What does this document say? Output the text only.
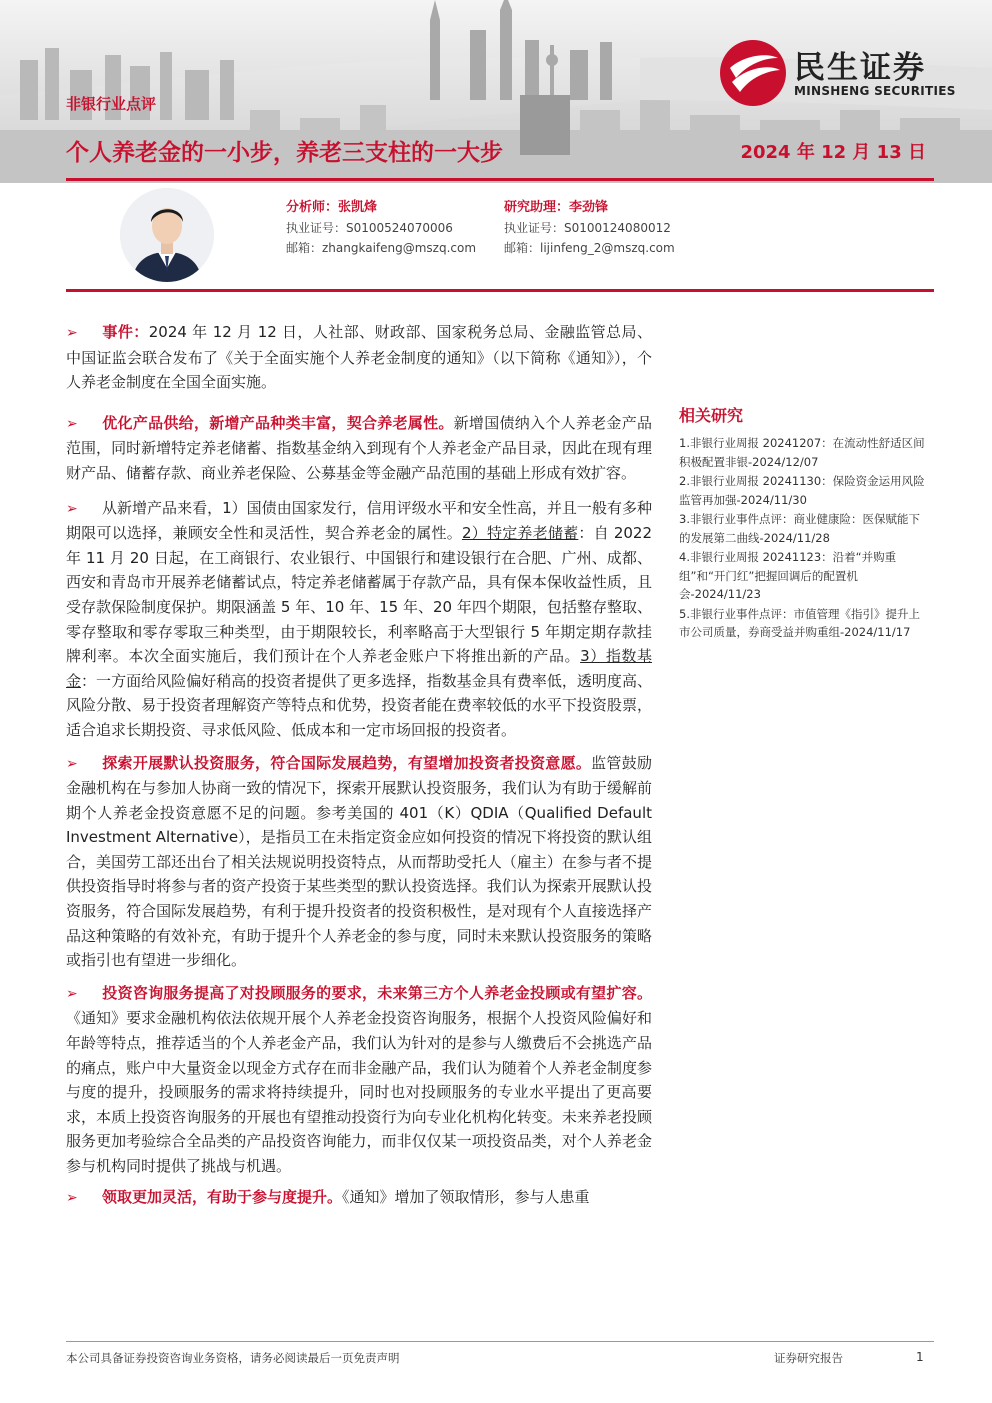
民生证券
MINSHENG SECURITIES
非银行业点评
个人养老金的一小步，养老三支柱的一大步	2024 年 12 月 13 日
分析师：张凯烽
执业证号：S0100524070006
邮箱：zhangkaifeng@mszq.com
研究助理：李劲锋
执业证号：S0100124080012
邮箱：lijinfeng_2@mszq.com
➢ 事件：2024 年 12 月 12 日，人社部、财政部、国家税务总局、金融监管总局、中国证监会联合发布了《关于全面实施个人养老金制度的通知》（以下简称《通知》），个人养老金制度在全国全面实施。
➢ 优化产品供给，新增产品种类丰富，契合养老属性。新增国债纳入个人养老金产品范围，同时新增特定养老储蓄、指数基金纳入到现有个人养老金产品目录，因此在现有理财产品、储蓄存款、商业养老保险、公募基金等金融产品范围的基础上形成有效扩容。
➢ 从新增产品来看，1）国债由国家发行，信用评级水平和安全性高，并且一般有多种期限可以选择，兼顾安全性和灵活性，契合养老金的属性。2）特定养老储蓄：自 2022 年 11 月 20 日起，在工商银行、农业银行、中国银行和建设银行在合肥、广州、成都、西安和青岛市开展养老储蓄试点，特定养老储蓄属于存款产品，具有保本保收益性质，且受存款保险制度保护。期限涵盖 5 年、10 年、15 年、20 年四个期限，包括整存整取、零存整取和零存零取三种类型，由于期限较长，利率略高于大型银行 5 年期定期存款挂牌利率。本次全面实施后，我们预计在个人养老金账户下将推出新的产品。3）指数基金：一方面给风险偏好稍高的投资者提供了更多选择，指数基金具有费率低，透明度高、风险分散、易于投资者理解资产等特点和优势，投资者能在费率较低的水平下投资股票，适合追求长期投资、寻求低风险、低成本和一定市场回报的投资者。
➢ 探索开展默认投资服务，符合国际发展趋势，有望增加投资者投资意愿。监管鼓励金融机构在与参加人协商一致的情况下，探索开展默认投资服务，我们认为有助于缓解前期个人养老金投资意愿不足的问题。参考美国的 401（K）QDIA（Qualified Default Investment Alternative），是指员工在未指定资金应如何投资的情况下将投资的默认组合，美国劳工部还出台了相关法规说明投资特点，从而帮助受托人（雇主）在参与者不提供投资指导时将参与者的资产投资于某些类型的默认投资选择。我们认为探索开展默认投资服务，符合国际发展趋势，有利于提升投资者的投资积极性，是对现有个人直接选择产品这种策略的有效补充，有助于提升个人养老金的参与度，同时未来默认投资服务的策略或指引也有望进一步细化。
➢ 投资咨询服务提高了对投顾服务的要求，未来第三方个人养老金投顾或有望扩容。《通知》要求金融机构依法依规开展个人养老金投资咨询服务，根据个人投资风险偏好和年龄等特点，推荐适当的个人养老金产品，我们认为针对的是参与人缴费后不会挑选产品的痛点，账户中大量资金以现金方式存在而非金融产品，我们认为随着个人养老金制度参与度的提升，投顾服务的需求将持续提升，同时也对投顾服务的专业水平提出了更高要求，本质上投资咨询服务的开展也有望推动投资行为向专业化机构化转变。未来养老投顾服务更加考验综合全品类的产品投资咨询能力，而非仅仅某一项投资品类，对个人养老金参与机构同时提供了挑战与机遇。
➢ 领取更加灵活，有助于参与度提升。《通知》增加了领取情形，参与人患重
相关研究
1.非银行业周报 20241207：在流动性舒适区间积极配置非银-2024/12/07
2.非银行业周报 20241130：保险资金运用风险监管再加强-2024/11/30
3.非银行业事件点评：商业健康险：医保赋能下的发展第二曲线-2024/11/28
4.非银行业周报 20241123：沿着“并购重组”和“开门红”把握回调后的配置机会-2024/11/23
5.非银行业事件点评：市值管理《指引》提升上市公司质量，券商受益并购重组-2024/11/17
本公司具备证券投资咨询业务资格，请务必阅读最后一页免责声明	证券研究报告	1
